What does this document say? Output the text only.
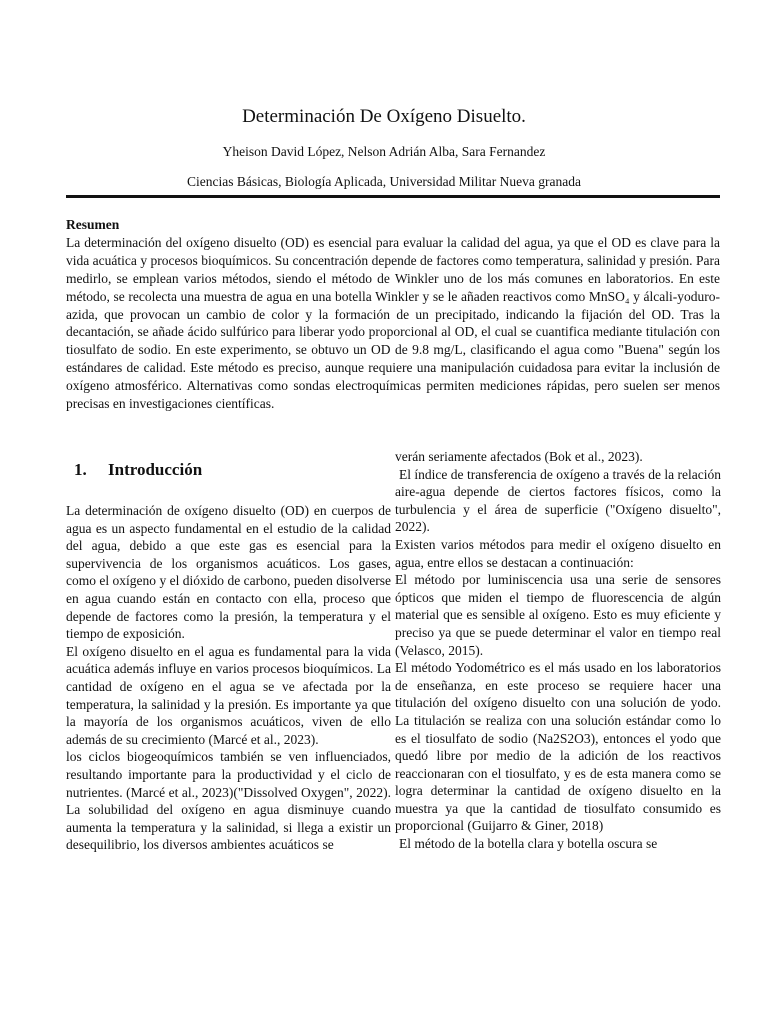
Determinación De Oxígeno Disuelto.
Yheison David López, Nelson Adrián Alba, Sara Fernandez
Ciencias Básicas, Biología Aplicada, Universidad Militar Nueva granada
Resumen

La determinación del oxígeno disuelto (OD) es esencial para evaluar la calidad del agua, ya que el OD es clave para la vida acuática y procesos bioquímicos. Su concentración depende de factores como temperatura, salinidad y presión. Para medirlo, se emplean varios métodos, siendo el método de Winkler uno de los más comunes en laboratorios. En este método, se recolecta una muestra de agua en una botella Winkler y se le añaden reactivos como MnSO₄ y álcali-yoduro-azida, que provocan un cambio de color y la formación de un precipitado, indicando la fijación del OD. Tras la decantación, se añade ácido sulfúrico para liberar yodo proporcional al OD, el cual se cuantifica mediante titulación con tiosulfato de sodio. En este experimento, se obtuvo un OD de 9.8 mg/L, clasificando el agua como "Buena" según los estándares de calidad. Este método es preciso, aunque requiere una manipulación cuidadosa para evitar la inclusión de oxígeno atmosférico. Alternativas como sondas electroquímicas permiten mediciones rápidas, pero suelen ser menos precisas en investigaciones científicas.

1. Introducción

La determinación de oxígeno disuelto (OD) en cuerpos de agua es un aspecto fundamental en el estudio de la calidad del agua, debido a que este gas es esencial para la supervivencia de los organismos acuáticos. Los gases, como el oxígeno y el dióxido de carbono, pueden disolverse en agua cuando están en contacto con ella, proceso que depende de factores como la presión, la temperatura y el tiempo de exposición.

El oxígeno disuelto en el agua es fundamental para la vida acuática además influye en varios procesos bioquímicos. La cantidad de oxígeno en el agua se ve afectada por la temperatura, la salinidad y la presión. Es importante ya que la mayoría de los organismos acuáticos, viven de ello además de su crecimiento (Marcé et al., 2023).

los ciclos biogeoquímicos también se ven influenciados, resultando importante para la productividad y el ciclo de nutrientes. (Marcé et al., 2023)("Dissolved Oxygen", 2022). La solubilidad del oxígeno en agua disminuye cuando aumenta la temperatura y la salinidad, si llega a existir un desequilibrio, los diversos ambientes acuáticos se

verán seriamente afectados (Bok et al., 2023).

El índice de transferencia de oxígeno a través de la relación aire-agua depende de ciertos factores físicos, como la turbulencia y el área de superficie ("Oxígeno disuelto", 2022).

Existen varios métodos para medir el oxígeno disuelto en agua, entre ellos se destacan a continuación:

El método por luminiscencia usa una serie de sensores ópticos que miden el tiempo de fluorescencia de algún material que es sensible al oxígeno. Esto es muy eficiente y preciso ya que se puede determinar el valor en tiempo real (Velasco, 2015).

El método Yodométrico es el más usado en los laboratorios de enseñanza, en este proceso se requiere hacer una titulación del oxígeno disuelto con una solución de yodo. La titulación se realiza con una solución estándar como lo es el tiosulfato de sodio (Na2S2O3), entonces el yodo que quedó libre por medio de la adición de los reactivos reaccionaran con el tiosulfato, y es de esta manera como se logra determinar la cantidad de oxígeno disuelto en la muestra ya que la cantidad de tiosulfato consumido es proporcional (Guijarro & Giner, 2018)

El método de la botella clara y botella oscura se
